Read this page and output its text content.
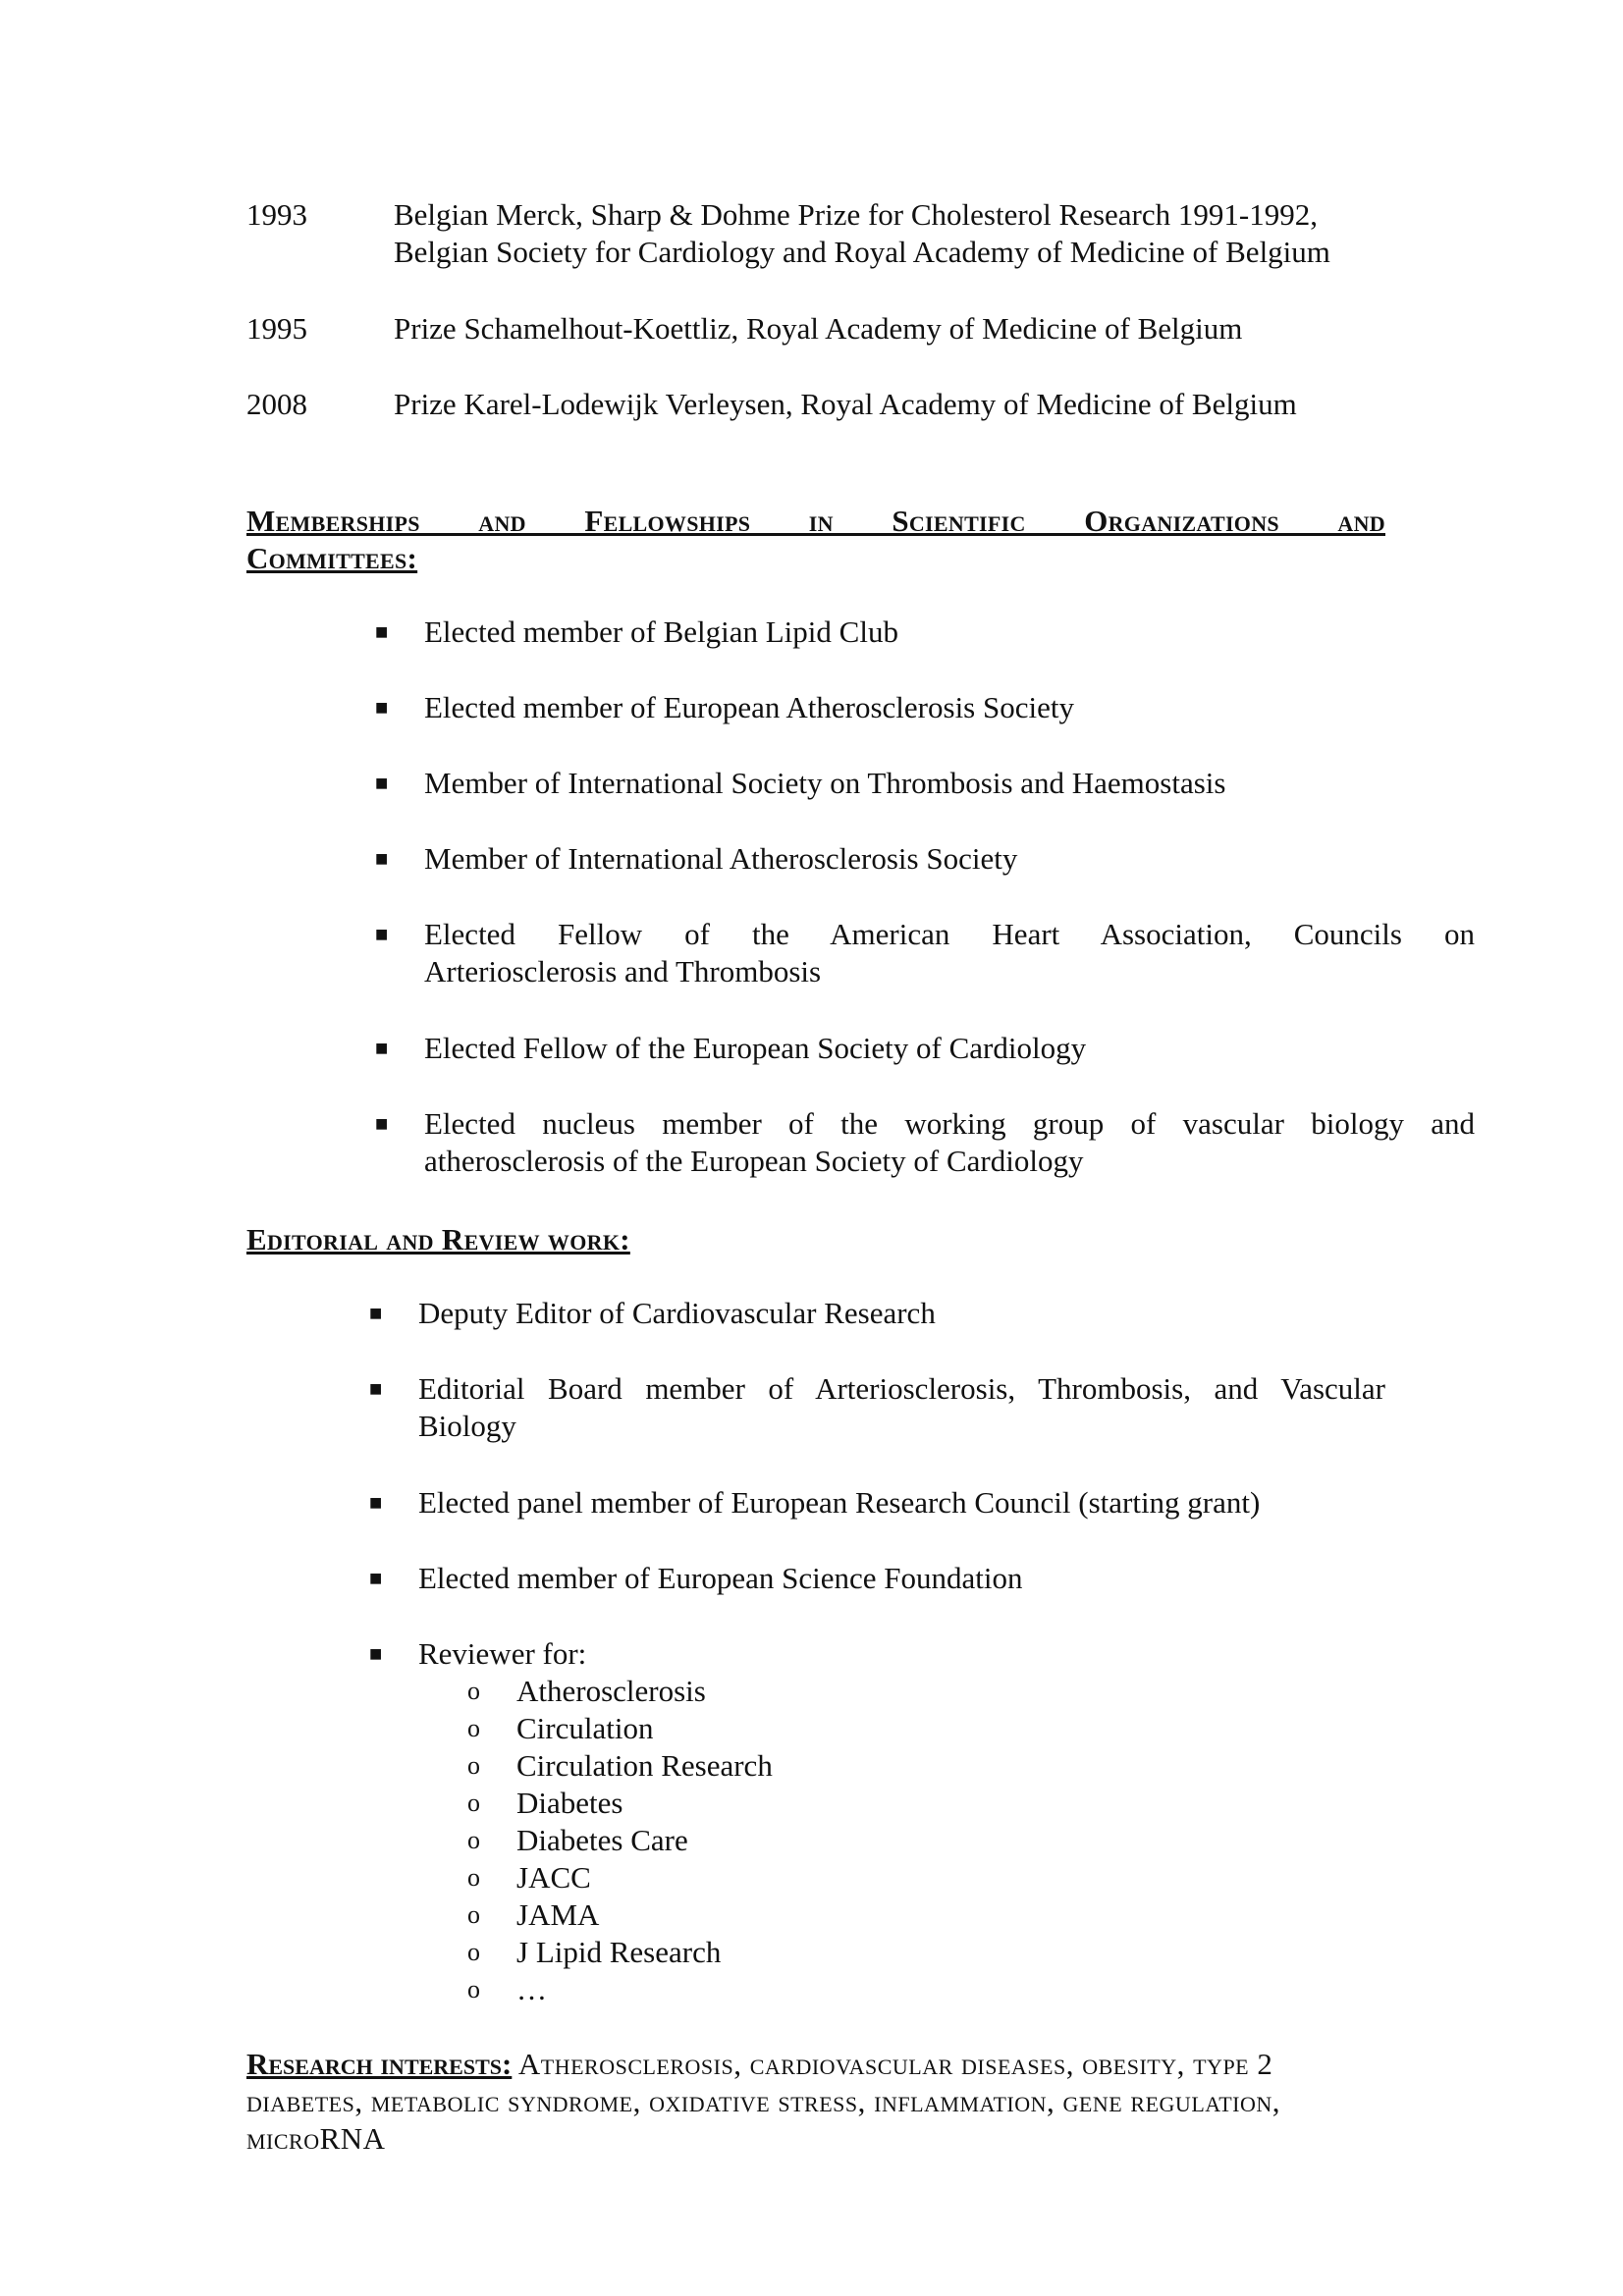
1993	Belgian Merck, Sharp & Dohme Prize for Cholesterol Research 1991-1992,
Belgian Society for Cardiology and Royal Academy of Medicine of Belgium
1995	Prize Schamelhout-Koettliz, Royal Academy of Medicine of Belgium
2008	Prize Karel-Lodewijk Verleysen, Royal Academy of Medicine of Belgium
Memberships and Fellowships in Scientific Organizations and
Committees:
■ Elected member of Belgian Lipid Club
■ Elected member of European Atherosclerosis Society
■ Member of International Society on Thrombosis and Haemostasis
■ Member of International Atherosclerosis Society
■ Elected Fellow of the American Heart Association, Councils on
Arteriosclerosis and Thrombosis
■ Elected Fellow of the European Society of Cardiology
■ Elected nucleus member of the working group of vascular biology and
atherosclerosis of the European Society of Cardiology
Editorial and Review work:
■ Deputy Editor of Cardiovascular Research
■ Editorial Board member of Arteriosclerosis, Thrombosis, and Vascular
Biology
■ Elected panel member of European Research Council (starting grant)
■ Elected member of European Science Foundation
■ Reviewer for:
o Atherosclerosis
o Circulation
o Circulation Research
o Diabetes
o Diabetes Care
o JACC
o JAMA
o J Lipid Research
o …
Research interests: Atherosclerosis, cardiovascular diseases, obesity, type 2 diabetes, metabolic syndrome, oxidative stress, inflammation, gene regulation, microRNA
